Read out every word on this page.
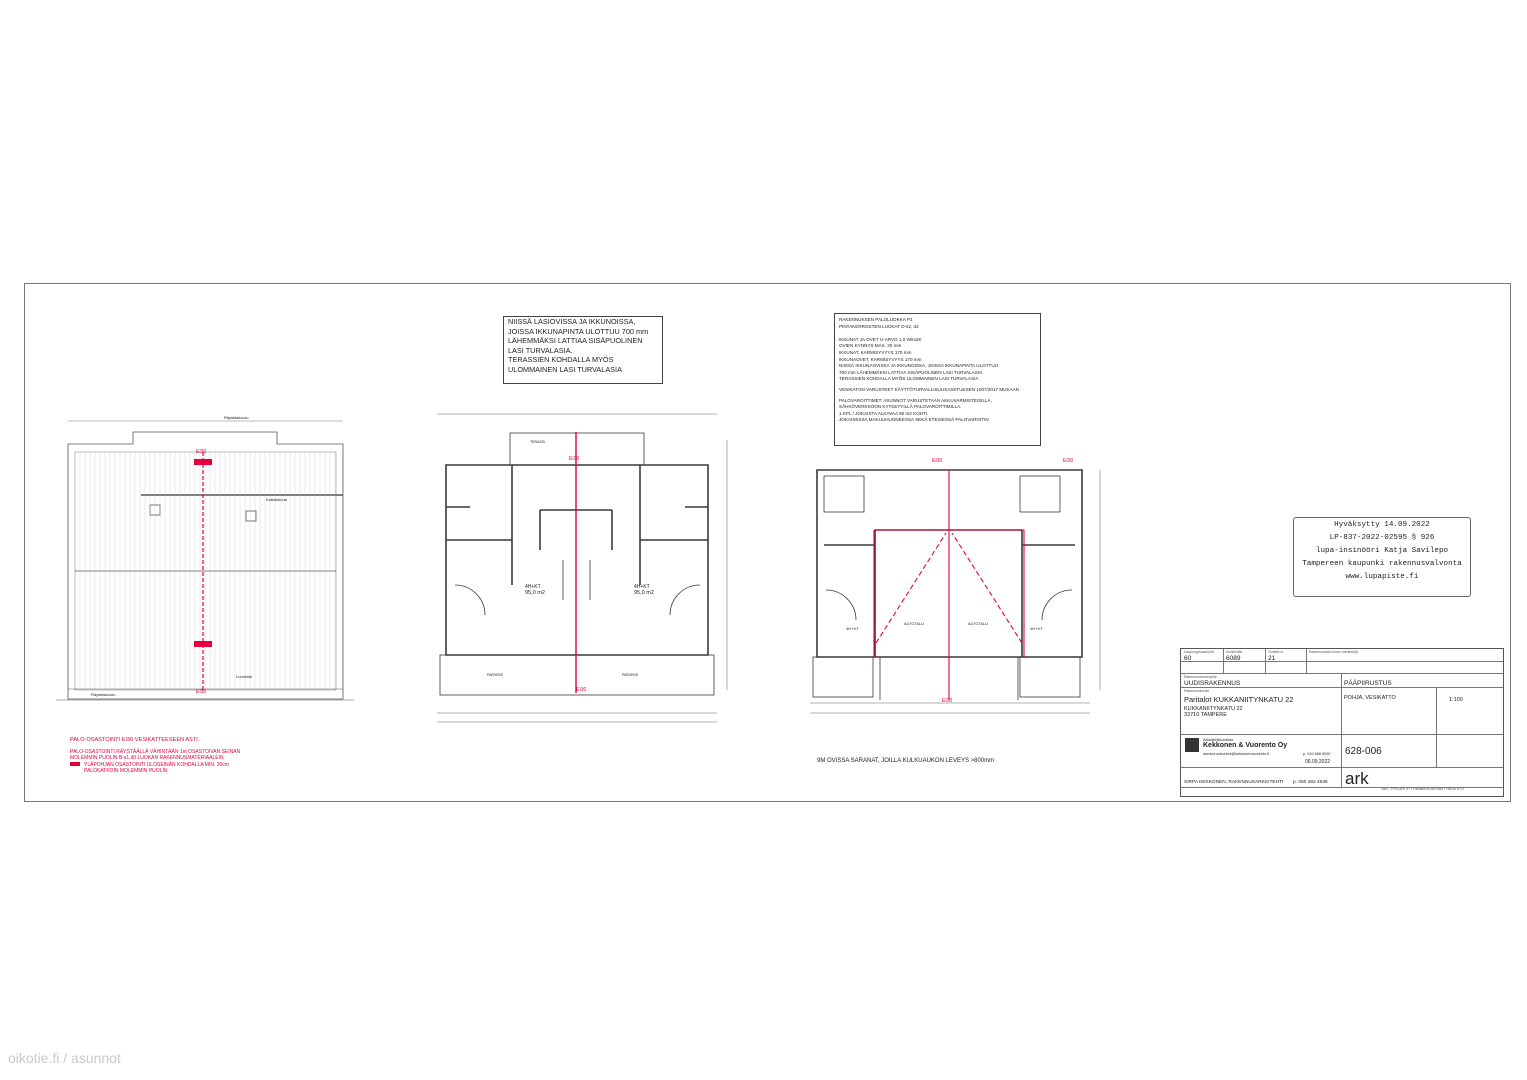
Räystäskouru
Kattoikkuna
Lumieste
Räystäskouru
EI30
EI30
4H+KT
95,0 m2
4H+KT
95,0 m2
TERASSI
PARVEKE	PARVEKE
EI30
EI30
AUTOTALLI	AUTOTALLI
4H+KT	4H+KT
EI30	EI30
EI30
NIISSÄ LASIOVISSA JA IKKUNOISSA,
JOISSA IKKUNAPINTA ULOTTUU 700 mm
LÄHEMMÄKSI LATTIAA SISÄPUOLINEN
LASI TURVALASIA.
TERASSIEN KOHDALLA MYÖS
ULOMMAINEN LASI TURVALASIA
RAKENNUKSEN PALOLUOKKA P3
PINTAKERROSTEN LUOKAT D-s2, d2

IKKUNAT JA OVET U-ARVO 1,0 W/m2K
OVIEN KYNNYS MAX. 20 mm
IKKUNAT, KARMISYVYYS 170 mm
IKKUNAOVET, KARMISYVYYS 170 mm
NIISSÄ IKKUNAOVISSA JA IKKUNOISSA, JOISSA IKKUNAPINTA ULOTTUU
700 mm LÄHEMMÄKSI LATTIAA SISÄPUOLINEN LASI TURVALASIA.
TERASSIEN KOHDALLA MYÖS ULOMMAINEN LASI TURVALASIA
VESIKATON VARUSTEET KÄYTTÖTURVALLISUUSASETUKSEN 1007/2017 MUKAAN
PALOVAROITTIMET: ASUNNOT VARUSTETAAN AKKUVARMISTEISILLA,
SÄHKÖVERKKOON KYTKETYILLÄ PALOVAROITTIMILLA.
1 KPL / JOKAISTA ALKAVAA 60 m2 KOHTI.
JOKAISESSA MAKUUHUONEESSA SEKÄ ETEISESSÄ PALOVAROITIN
Hyväksytty 14.09.2022
LP-837-2022-02595 § 926
lupa-insinööri Katja Savilepo
Tampereen kaupunki rakennusvalvonta
www.lupapiste.fi
PALO-OSASTOINTI EI30 VESIKATTEESEEN ASTI.
PALO-OSASTOINTI RÄYSTÄÄLLÄ VÄHINTÄÄN 1m OSASTOIVAN SEINÄN
MOLEMMIN PUOLIN B-s1,d0 LUOKAN RAKENNUSMATERIAALEIN
YLÄPOHJAN OSASTOINTI ULOSEINÄN KOHDALLA MIN. 30cm
PALOKATKOIN MOLEMMIN PUOLIN
9M OVISSA SARANAT, JOILLA KULKUAUKON LEVEYS >800mm
Kaupunginosa/kylä	Kortteli/tila	Tontti/rn:o	Rakennusvalvonnan merkintöjä
60	6089	21
Rakennustoimenpide
UUDISRAKENNUS	PÄÄPIIRUSTUS
Rakennuskohde
Paritalot KUKKANIITYNKATU 22
KUKKANIITYNKATU 22
33710 TAMPERE
POHJA, VESIKATTO	1:100
Arkkitehtitoimisto
Kekkonen & Vuorento Oy
etunimi.sukunimi@kekkonenvuorento.fi	p. 010 666 9000
06.09.2022
628-006
ark
SIRPA KEKKONEN, RAKENNUSARKKITEHTI p. 050 462 4636
\\ar1 - PROJEKTIT \ Paritalot KUKKANIITYNKATU 22
oikotie.fi / asunnot
